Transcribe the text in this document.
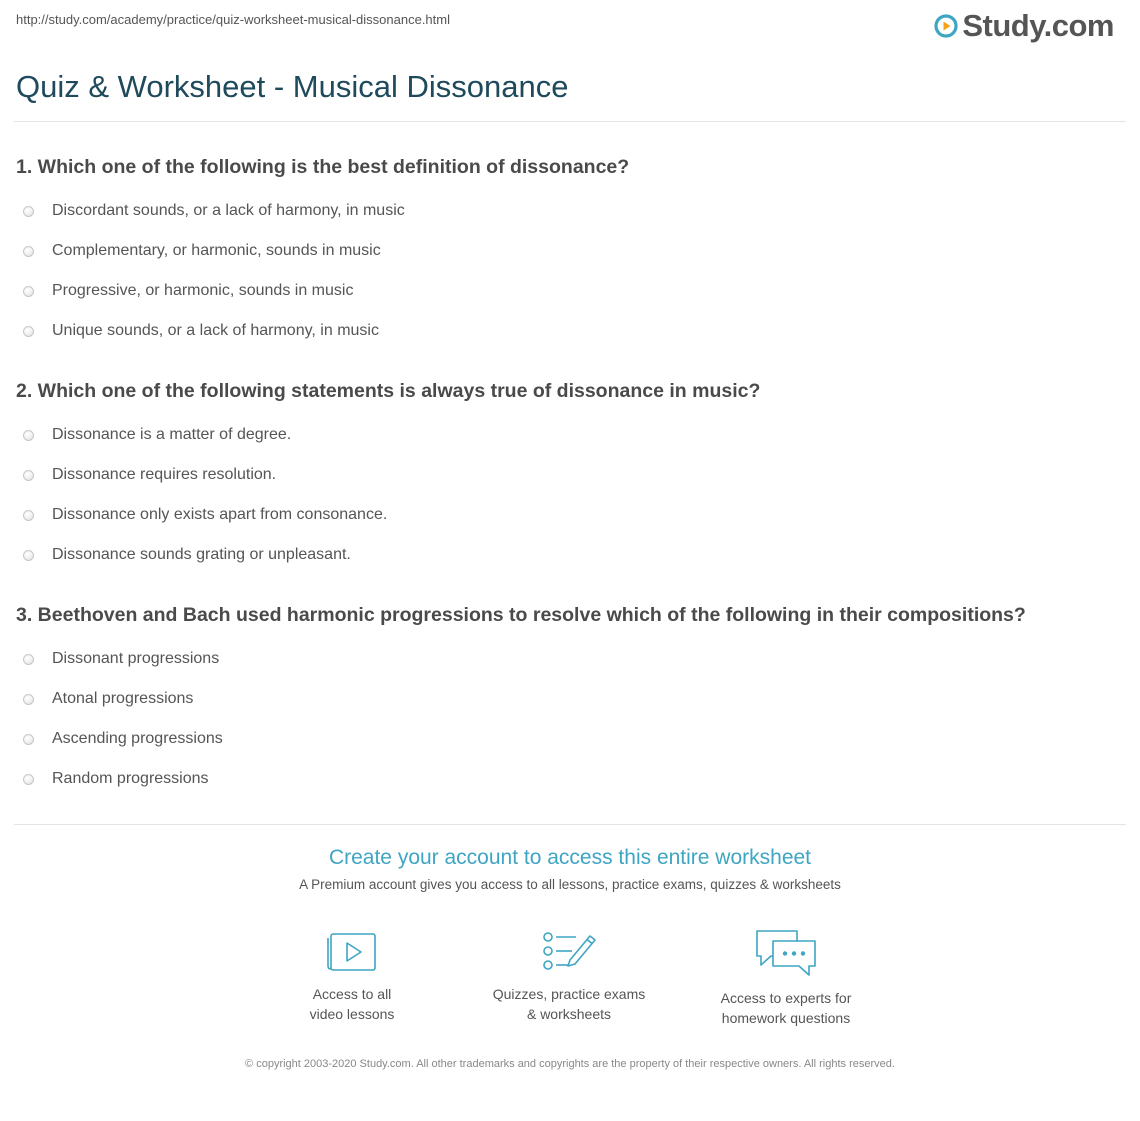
http://study.com/academy/practice/quiz-worksheet-musical-dissonance.html	Study.com
Quiz & Worksheet - Musical Dissonance

1. Which one of the following is the best definition of dissonance?

Discordant sounds, or a lack of harmony, in music
Complementary, or harmonic, sounds in music
Progressive, or harmonic, sounds in music
Unique sounds, or a lack of harmony, in music

2. Which one of the following statements is always true of dissonance in music?

Dissonance is a matter of degree.
Dissonance requires resolution.
Dissonance only exists apart from consonance.
Dissonance sounds grating or unpleasant.

3. Beethoven and Bach used harmonic progressions to resolve which of the following in their compositions?

Dissonant progressions
Atonal progressions
Ascending progressions
Random progressions

Create your account to access this entire worksheet

A Premium account gives you access to all lessons, practice exams, quizzes & worksheets
Access to all
video lessons
Quizzes, practice exams
& worksheets
Access to experts for
homework questions
© copyright 2003-2020 Study.com. All other trademarks and copyrights are the property of their respective owners. All rights reserved.
